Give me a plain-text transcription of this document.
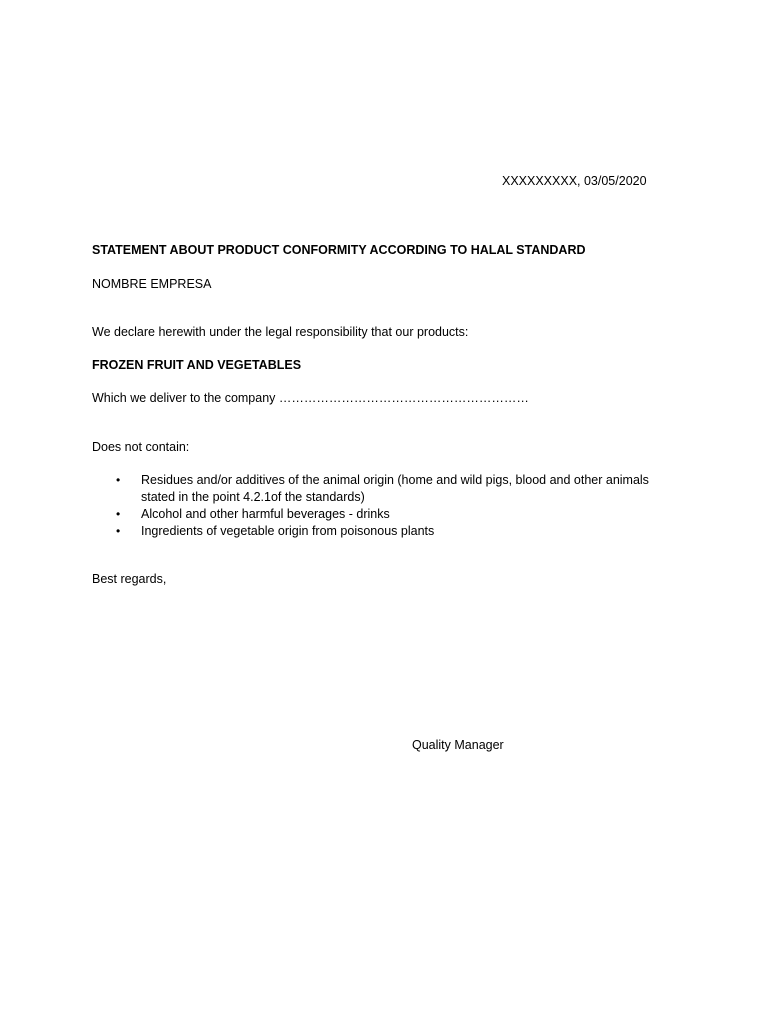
XXXXXXXXX, 03/05/2020
STATEMENT ABOUT PRODUCT CONFORMITY ACCORDING TO HALAL STANDARD
NOMBRE EMPRESA
We declare herewith under the legal responsibility that our products:
FROZEN FRUIT AND VEGETABLES
Which we deliver to the company ……………………………………………………
Does not contain:
• Residues and/or additives of the animal origin (home and wild pigs, blood and other animals
stated in the point 4.2.1of the standards)
• Alcohol and other harmful beverages - drinks
• Ingredients of vegetable origin from poisonous plants
Best regards,
Quality Manager
